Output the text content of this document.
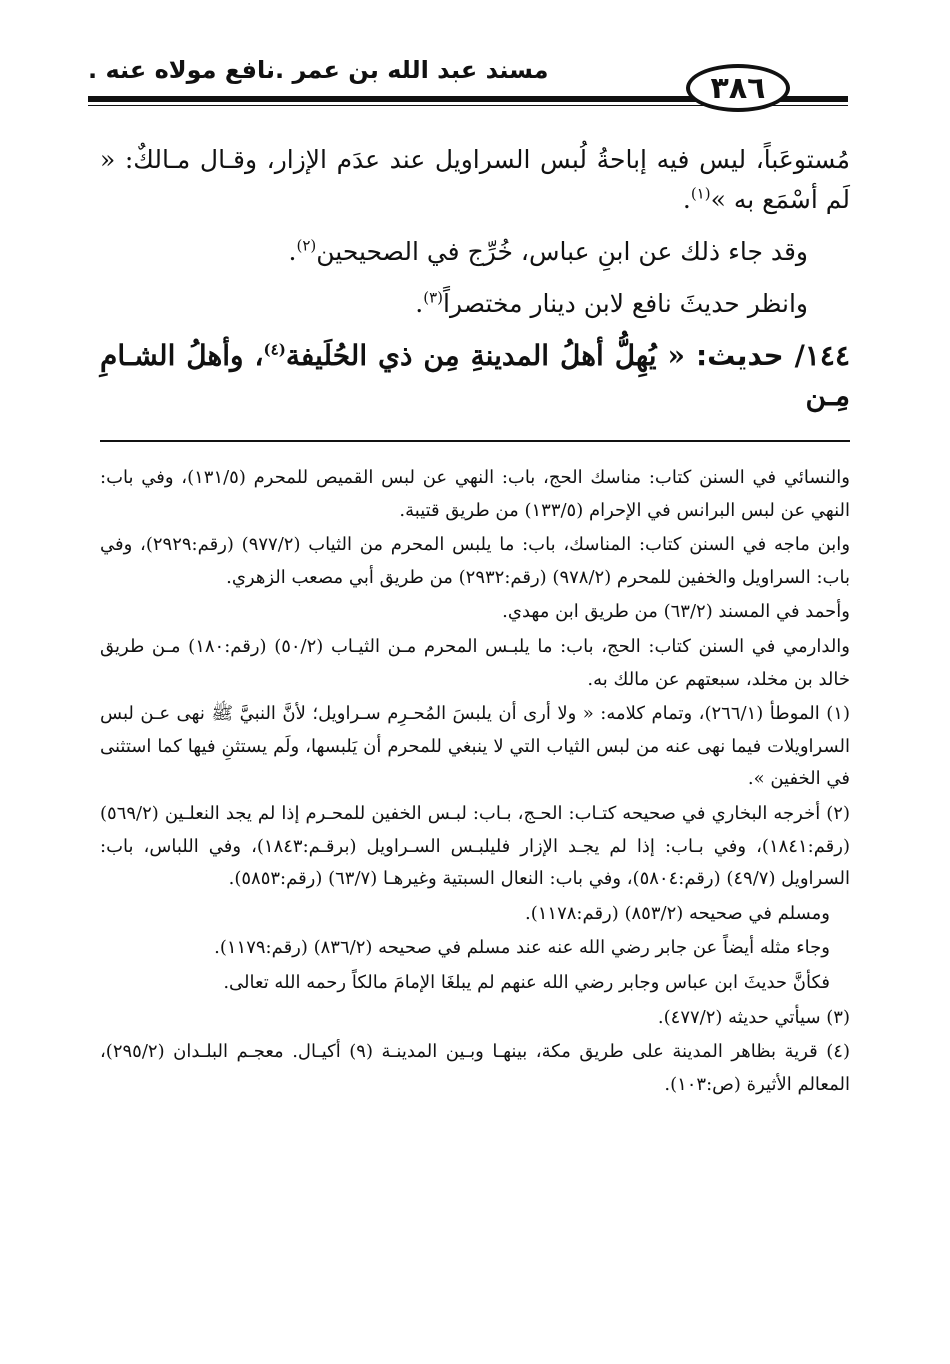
مسند عبد الله بن عمر .نافع مولاه عنه .
٣٨٦

مُستوعَباً، ليس فيه إباحةُ لُبس السراويل عند عدَم الإزار، وقـال مـالكٌ: « لَم أسْمَع به »$^{(١)}$.

وقد جاء ذلك عن ابنِ عباس، خُرِّج في الصحيحين$^{(٢)}$.

وانظر حديثَ نافع لابن دينار مختصراً$^{(٣)}$.

١٤٤/ حديث: « يُهِلُّ أهلُ المدينةِ مِن ذي الحُلَيفة$^{(٤)}$، وأهلُ الشـامِ مِـن

والنسائي في السنن كتاب: مناسك الحج، باب: النهي عن لبس القميص للمحرم (١٣١/٥)، وفي باب: النهي عن لبس البرانس في الإحرام (١٣٣/٥) من طريق قتيبة.

وابن ماجه في السنن كتاب: المناسك، باب: ما يلبس المحرم من الثياب (٩٧٧/٢) (رقم:٢٩٢٩)، وفي باب: السراويل والخفين للمحرم (٩٧٨/٢) (رقم:٢٩٣٢) من طريق أبي مصعب الزهري.

وأحمد في المسند (٦٣/٢) من طريق ابن مهدي.

والدارمي في السنن كتاب: الحج، باب: ما يلبـس المحرم مـن الثيـاب (٥٠/٢) (رقم:١٨٠) مـن طريق خالد بن مخلد، سبعتهم عن مالك به.

(١) الموطأ (٢٦٦/١)، وتمام كلامه: « ولا أرى أن يلبسَ المُحـرِم سـراويل؛ لأنَّ النبيَّ ﷺ نهى عـن لبس السراويلات فيما نهى عنه من لبس الثياب التي لا ينبغي للمحرم أن يَلبسها، ولَم يستثنِ فيها كما استثنى في الخفين ».

(٢) أخرجه البخاري في صحيحه كتـاب: الحـج، بـاب: لبـس الخفين للمحـرم إذا لم يجد النعلـين (٥٦٩/٢) (رقم:١٨٤١)، وفي بـاب: إذا لم يجـد الإزار فليلبـس السـراويل (برقـم:١٨٤٣)، وفي اللباس، باب: السراويل (٤٩/٧) (رقم:٥٨٠٤)، وفي باب: النعال السبتية وغيرهـا (٦٣/٧) (رقم:٥٨٥٣).

ومسلم في صحيحه (٨٥٣/٢) (رقم:١١٧٨).

وجاء مثله أيضاً عن جابر رضي الله عنه عند مسلم في صحيحه (٨٣٦/٢) (رقم:١١٧٩).

فكأنَّ حديثَ ابن عباس وجابر رضي الله عنهم لم يبلغَا الإمامَ مالكاً رحمه الله تعالى.

(٣) سيأتي حديثه (٤٧٧/٢).

(٤) قرية بظاهر المدينة على طريق مكة، بينهـا وبـين المدينـة (٩) أكيـال. معجـم البلـدان (٢٩٥/٢)، المعالم الأثيرة (ص:١٠٣).
